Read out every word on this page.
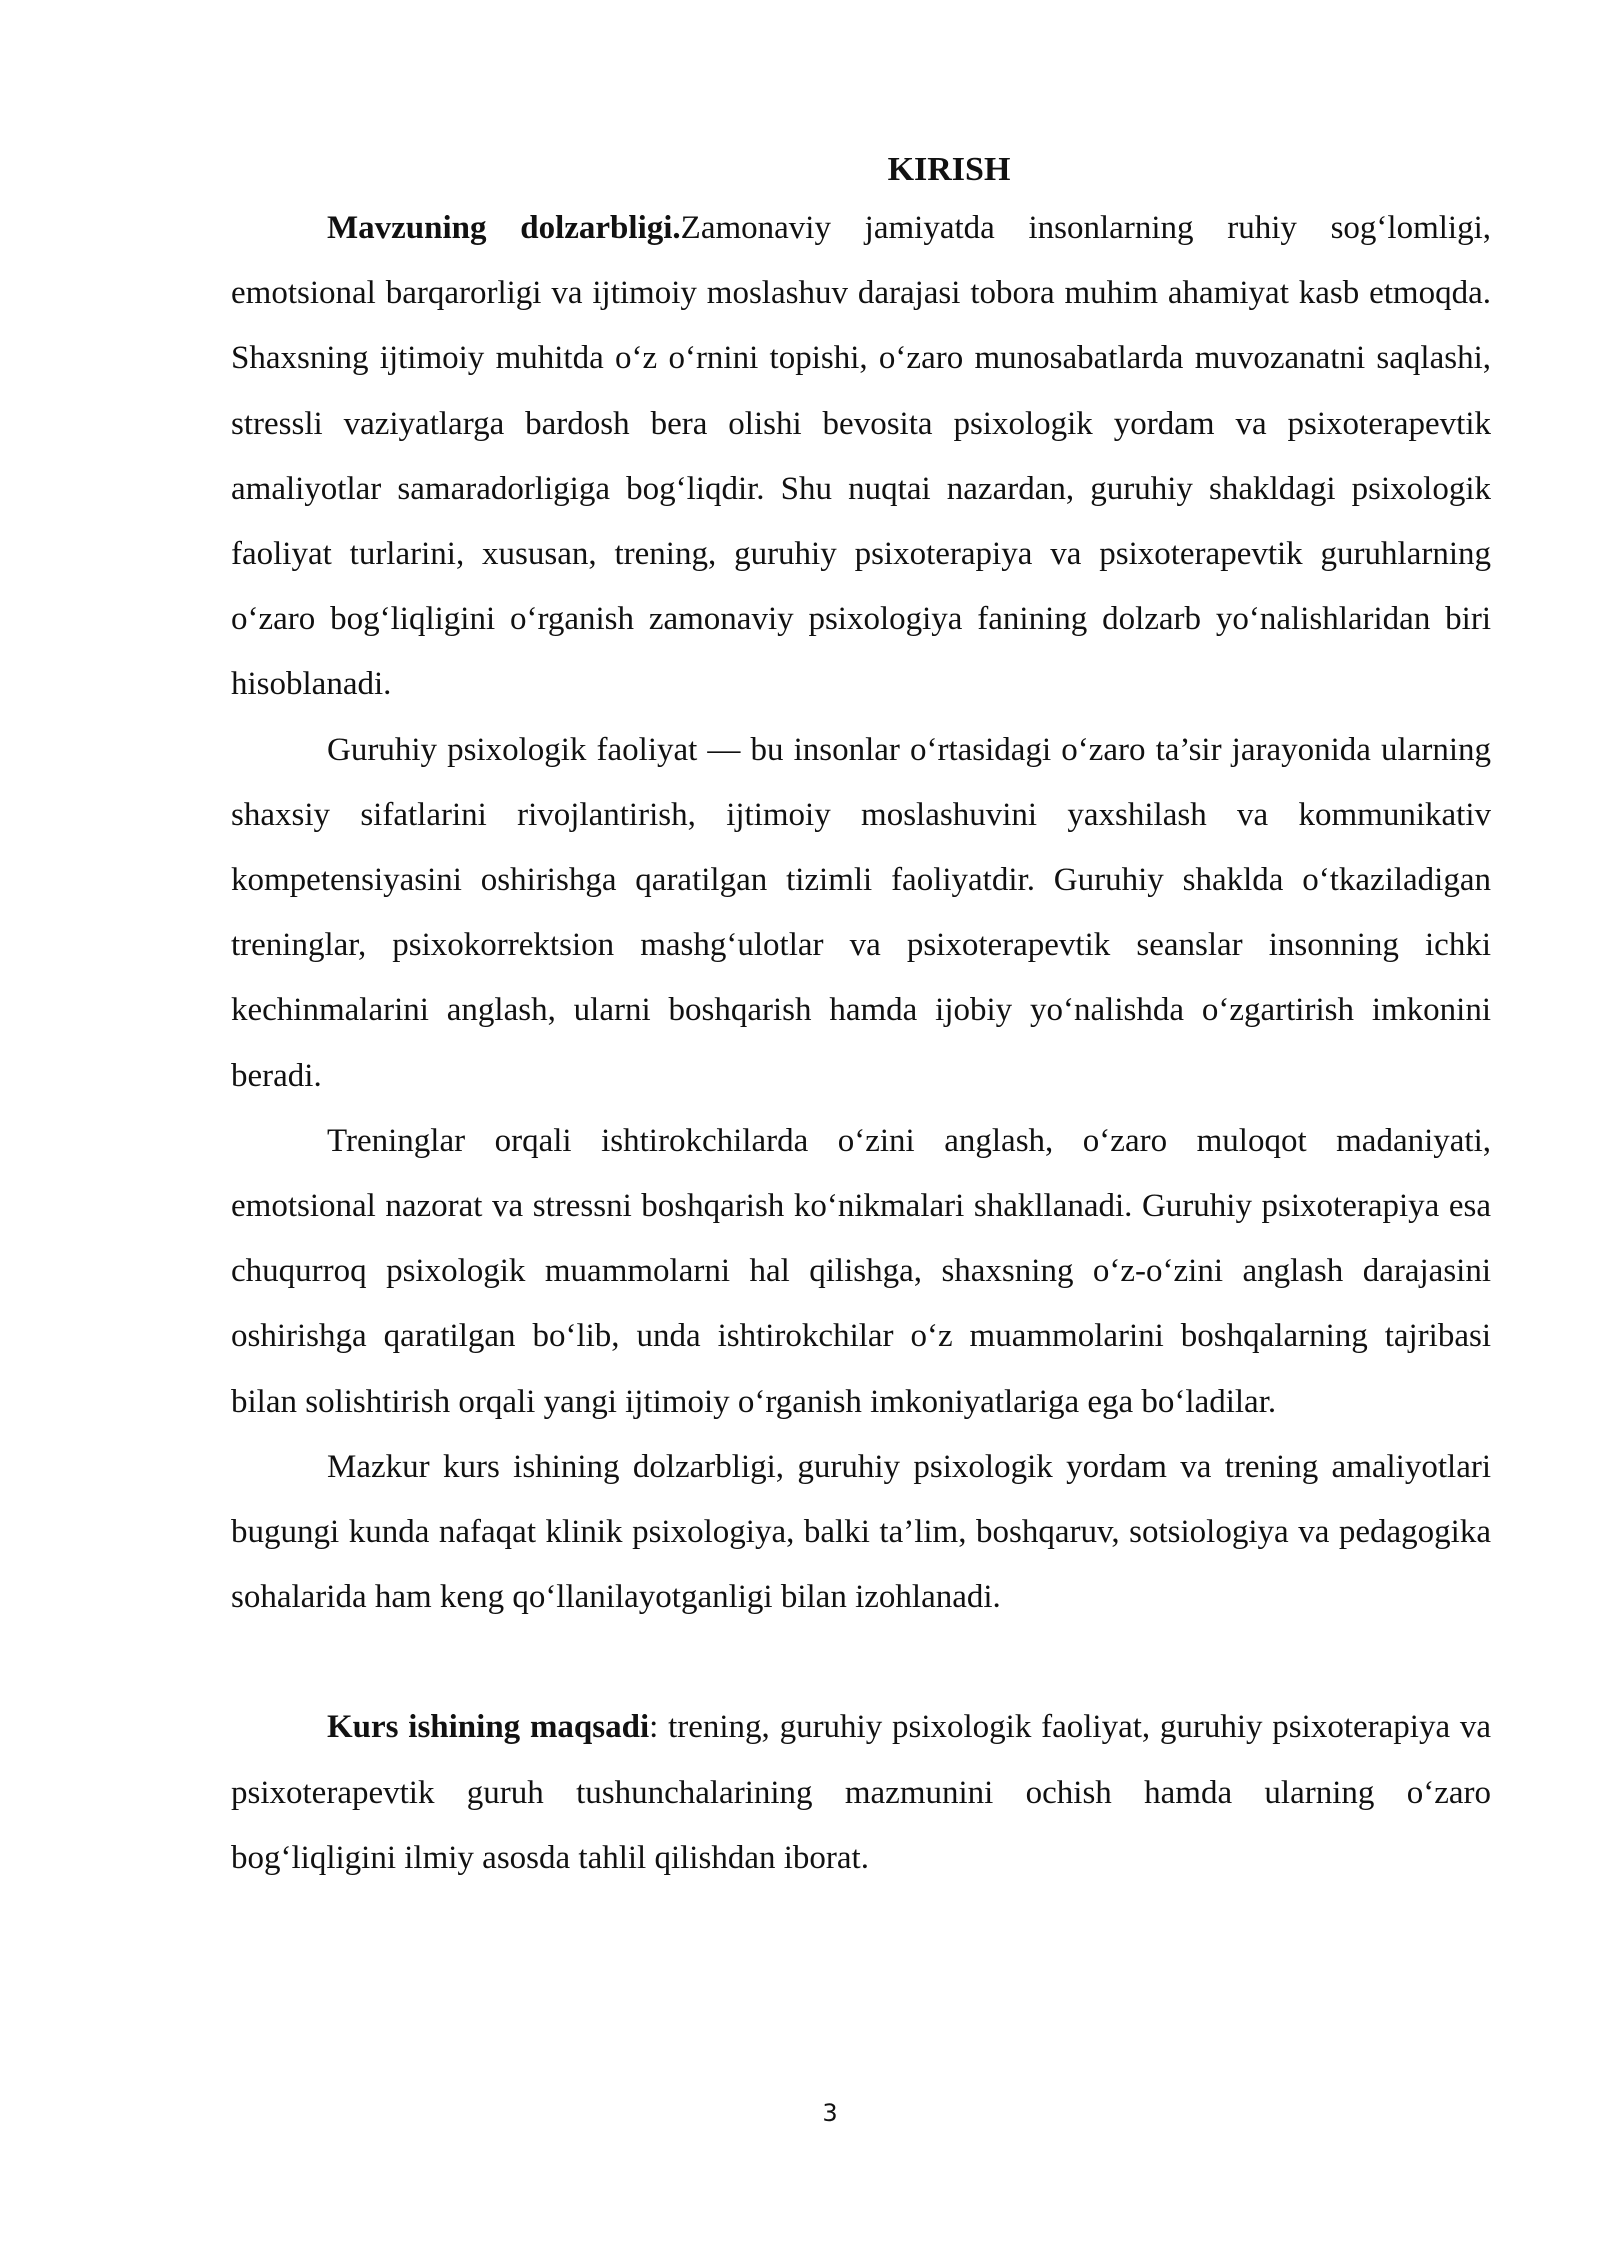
KIRISH

Mavzuning dolzarbligi.Zamonaviy jamiyatda insonlarning ruhiy sog‘lomligi, emotsional barqarorligi va ijtimoiy moslashuv darajasi tobora muhim ahamiyat kasb etmoqda. Shaxsning ijtimoiy muhitda o‘z o‘rnini topishi, o‘zaro munosabatlarda muvozanatni saqlashi, stressli vaziyatlarga bardosh bera olishi bevosita psixologik yordam va psixoterapevtik amaliyotlar samaradorligiga bog‘liqdir. Shu nuqtai nazardan, guruhiy shakldagi psixologik faoliyat turlarini, xususan, trening, guruhiy psixoterapiya va psixoterapevtik guruhlarning o‘zaro bog‘liqligini o‘rganish zamonaviy psixologiya fanining dolzarb yo‘nalishlaridan biri hisoblanadi.

Guruhiy psixologik faoliyat — bu insonlar o‘rtasidagi o‘zaro ta’sir jarayonida ularning shaxsiy sifatlarini rivojlantirish, ijtimoiy moslashuvini yaxshilash va kommunikativ kompetensiyasini oshirishga qaratilgan tizimli faoliyatdir. Guruhiy shaklda o‘tkaziladigan treninglar, psixokorrektsion mashg‘ulotlar va psixoterapevtik seanslar insonning ichki kechinmalarini anglash, ularni boshqarish hamda ijobiy yo‘nalishda o‘zgartirish imkonini beradi.

Treninglar orqali ishtirokchilarda o‘zini anglash, o‘zaro muloqot madaniyati, emotsional nazorat va stressni boshqarish ko‘nikmalari shakllanadi. Guruhiy psixoterapiya esa chuqurroq psixologik muammolarni hal qilishga, shaxsning o‘z-o‘zini anglash darajasini oshirishga qaratilgan bo‘lib, unda ishtirokchilar o‘z muammolarini boshqalarning tajribasi bilan solishtirish orqali yangi ijtimoiy o‘rganish imkoniyatlariga ega bo‘ladilar.

Mazkur kurs ishining dolzarbligi, guruhiy psixologik yordam va trening amaliyotlari bugungi kunda nafaqat klinik psixologiya, balki ta’lim, boshqaruv, sotsiologiya va pedagogika sohalarida ham keng qo‘llanilayotganligi bilan izohlanadi.

Kurs ishining maqsadi: trening, guruhiy psixologik faoliyat, guruhiy psixoterapiya va psixoterapevtik guruh tushunchalarining mazmunini ochish hamda ularning o‘zaro bog‘liqligini ilmiy asosda tahlil qilishdan iborat.

3
